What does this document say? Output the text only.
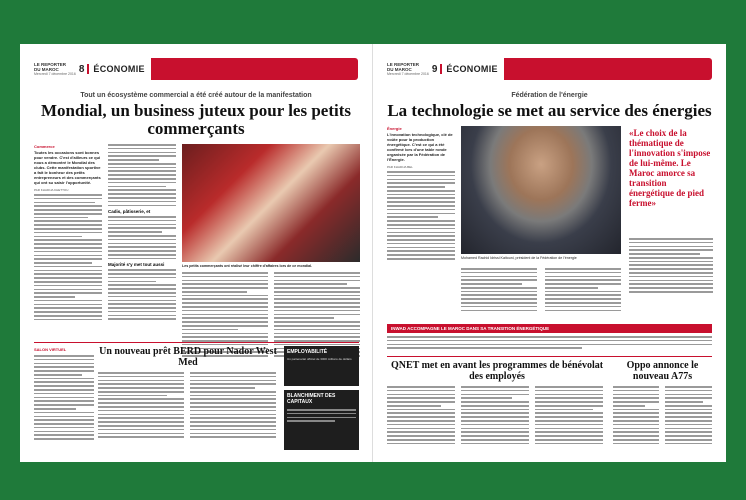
LE REPORTER DU MAROC
Mercredi 7 décembre 2016 8	ÉCONOMIE
Tout un écosystème commercial a été créé autour de la manifestation
Mondial, un business juteux pour les petits commerçants
Commerce
Toutes les occasions sont bonnes pour vendre. C'est d'ailleurs ce qui nous a démontré le Mondial des clubs. Cette manifestation sportive a fait le bonheur des petits entrepreneurs et des commerçants qui ont su saisir l'opportunité.
PAR KHADIJA KHETTOU
Cadis, pâtisserie, et
Majorité s'y met tout aussi	Les petits commerçants ont réalisé leur chiffre d'affaires lors de ce mondial.
SALON VIRTUEL	Un nouveau prêt BERD pour Nador West Med
EMPLOYABILITÉ
Un partenariat officiel de 3000 millions de dollars
BLANCHIMENT DES CAPITAUX
LE REPORTER DU MAROC
Mercredi 7 décembre 2016 9	ÉCONOMIE
Fédération de l'énergie
La technologie se met au service des énergies
Énergie
L'innovation technologique, clé de voûte pour la production énergétique. C'est ce qui a été confirmé lors d'une table ronde organisée par la Fédération de l'Énergie.
PAR KHADIJA BEL
Mohamed Rachid Idrissi Kaitouni, président de la Fédération de l'énergie
«Le choix de la thématique de l'innovation s'impose de lui-même. Le Maroc amorce sa transition énergétique de pied ferme»
INWAD ACCOMPAGNE LE MAROC DANS SA TRANSITION ÉNERGÉTIQUE
QNET met en avant les programmes de bénévolat des employés
Oppo annonce le nouveau A77s
